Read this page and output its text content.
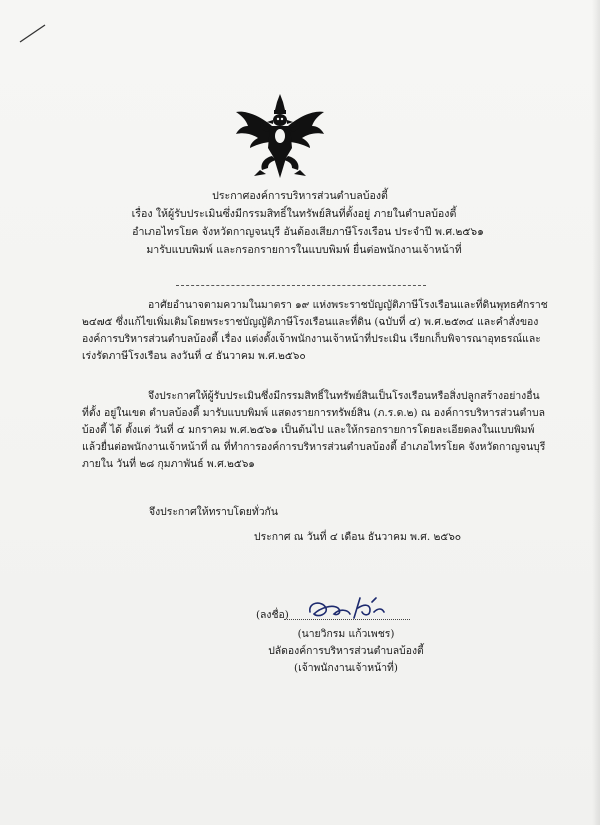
ประกาศองค์การบริหารส่วนตำบลบ้องตี้
เรื่อง ให้ผู้รับประเมินซึ่งมีกรรมสิทธิ์ในทรัพย์สินที่ตั้งอยู่ ภายในตำบลบ้องตี้
อำเภอไทรโยค จังหวัดกาญจนบุรี อันต้องเสียภาษีโรงเรือน ประจำปี พ.ศ.๒๕๖๑
มารับแบบพิมพ์ และกรอกรายการในแบบพิมพ์ ยื่นต่อพนักงานเจ้าหน้าที่
อาศัยอำนาจตามความในมาตรา ๑๙ แห่งพระราชบัญญัติภาษีโรงเรือนและที่ดินพุทธศักราช
๒๔๗๕ ซึ่งแก้ไขเพิ่มเติมโดยพระราชบัญญัติภาษีโรงเรือนและที่ดิน (ฉบับที่ ๔) พ.ศ.๒๕๓๔ และคำสั่งของ
องค์การบริหารส่วนตำบลบ้องตี้ เรื่อง แต่งตั้งเจ้าพนักงานเจ้าหน้าที่ประเมิน เรียกเก็บพิจารณาอุทธรณ์และ
เร่งรัดภาษีโรงเรือน ลงวันที่ ๔ ธันวาคม พ.ศ.๒๕๖๐
จึงประกาศให้ผู้รับประเมินซึ่งมีกรรมสิทธิ์ในทรัพย์สินเป็นโรงเรือนหรือสิ่งปลูกสร้างอย่างอื่น
ที่ตั้ง อยู่ในเขต ตำบลบ้องตี้ มารับแบบพิมพ์ แสดงรายการทรัพย์สิน (ภ.ร.ด.๒) ณ องค์การบริหารส่วนตำบล
บ้องตี้ ได้ ตั้งแต่ วันที่ ๔ มกราคม พ.ศ.๒๕๖๑ เป็นต้นไป และให้กรอกรายการโดยละเอียดลงในแบบพิมพ์
แล้วยื่นต่อพนักงานเจ้าหน้าที่ ณ ที่ทำการองค์การบริหารส่วนตำบลบ้องตี้ อำเภอไทรโยค จังหวัดกาญจนบุรี
ภายใน วันที่ ๒๘ กุมภาพันธ์ พ.ศ.๒๕๖๑
จึงประกาศให้ทราบโดยทั่วกัน
ประกาศ ณ วันที่ ๔ เดือน ธันวาคม พ.ศ. ๒๕๖๐
(ลงชื่อ)
(นายวิกรม แก้วเพชร)
ปลัดองค์การบริหารส่วนตำบลบ้องตี้
(เจ้าพนักงานเจ้าหน้าที่)
